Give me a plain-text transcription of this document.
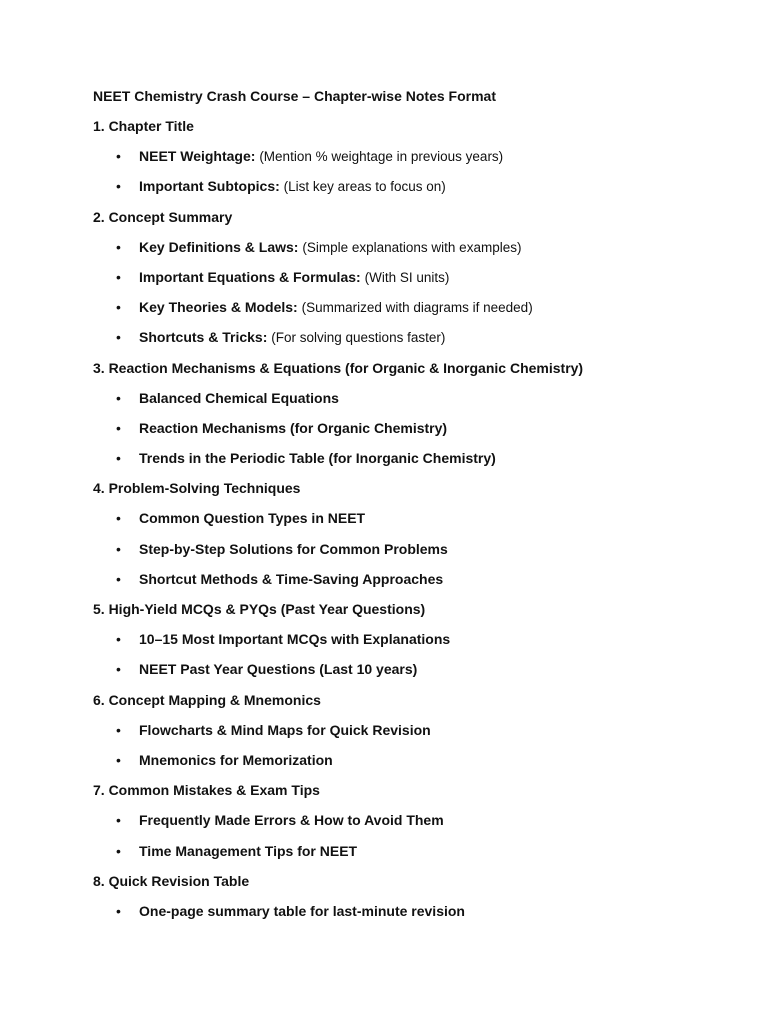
NEET Chemistry Crash Course – Chapter-wise Notes Format
1. Chapter Title
• NEET Weightage: (Mention % weightage in previous years)
• Important Subtopics: (List key areas to focus on)
2. Concept Summary
• Key Definitions & Laws: (Simple explanations with examples)
• Important Equations & Formulas: (With SI units)
• Key Theories & Models: (Summarized with diagrams if needed)
• Shortcuts & Tricks: (For solving questions faster)
3. Reaction Mechanisms & Equations (for Organic & Inorganic Chemistry)
• Balanced Chemical Equations
• Reaction Mechanisms (for Organic Chemistry)
• Trends in the Periodic Table (for Inorganic Chemistry)
4. Problem-Solving Techniques
• Common Question Types in NEET
• Step-by-Step Solutions for Common Problems
• Shortcut Methods & Time-Saving Approaches
5. High-Yield MCQs & PYQs (Past Year Questions)
• 10–15 Most Important MCQs with Explanations
• NEET Past Year Questions (Last 10 years)
6. Concept Mapping & Mnemonics
• Flowcharts & Mind Maps for Quick Revision
• Mnemonics for Memorization
7. Common Mistakes & Exam Tips
• Frequently Made Errors & How to Avoid Them
• Time Management Tips for NEET
8. Quick Revision Table
• One-page summary table for last-minute revision
